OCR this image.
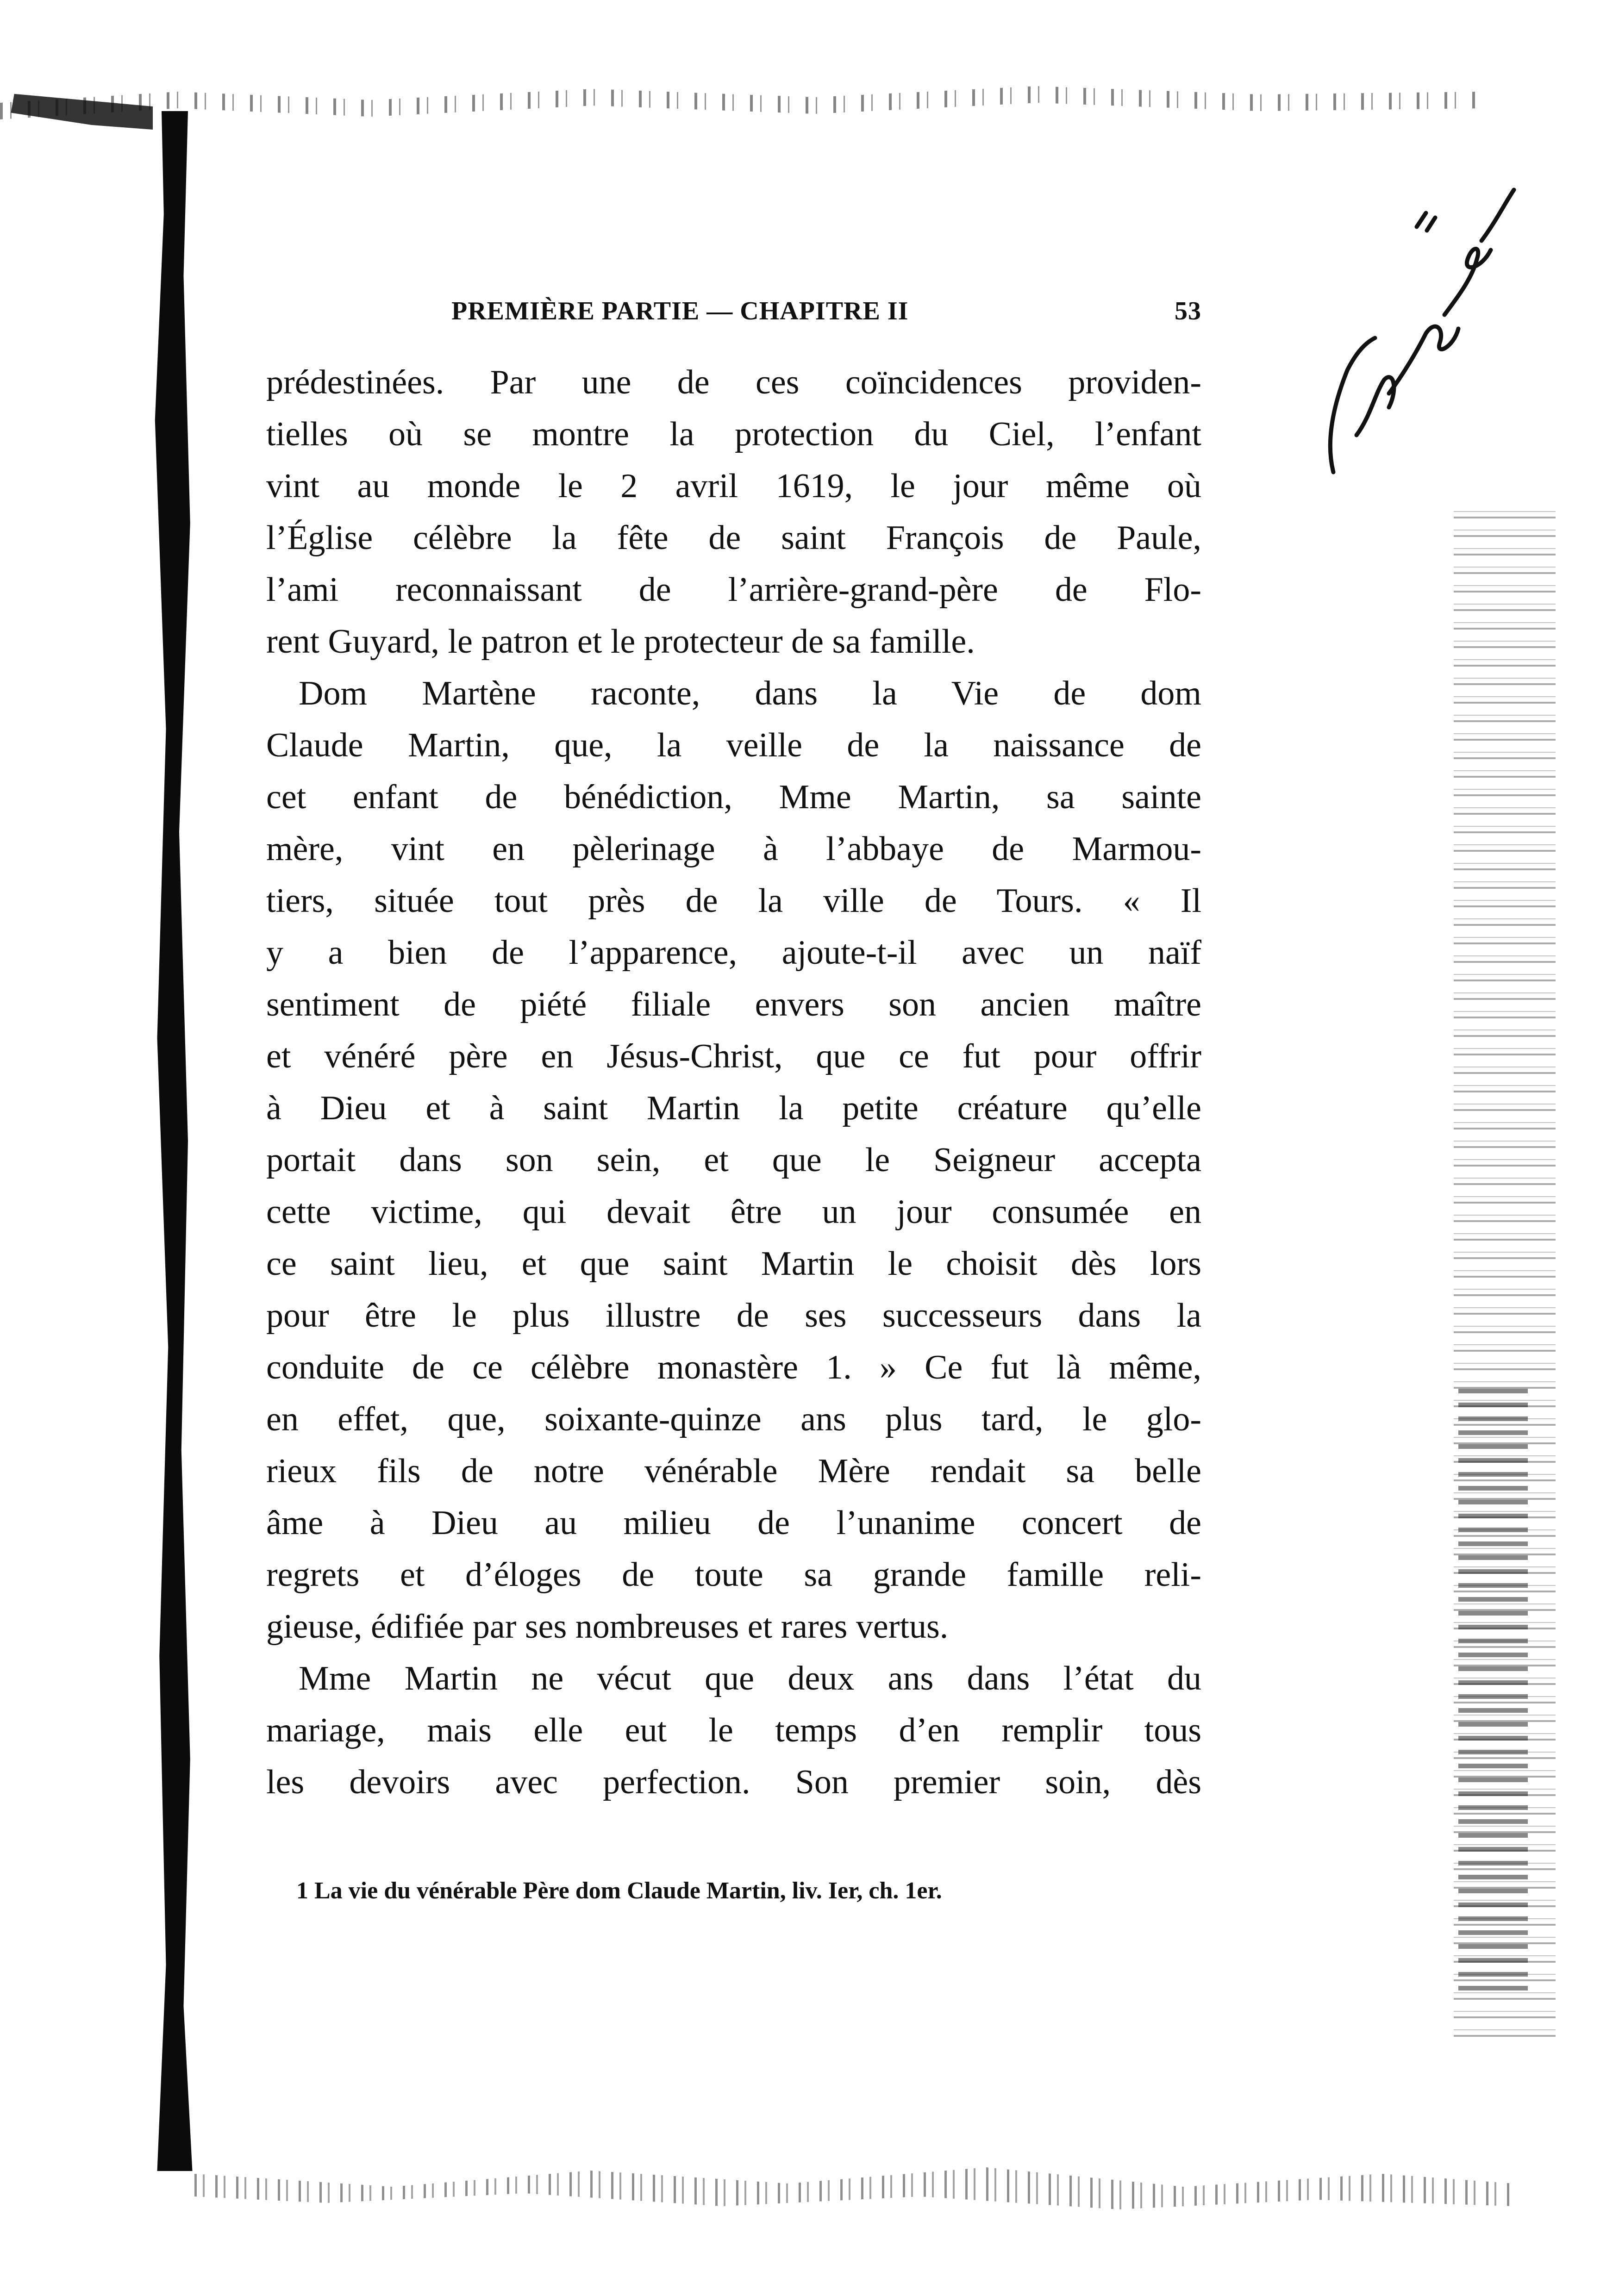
PREMIÈRE PARTIE — CHAPITRE II	53
prédestinées. Par une de ces coïncidences providen-
tielles où se montre la protection du Ciel, l’enfant
vint au monde le 2 avril 1619, le jour même où
l’Église célèbre la fête de saint François de Paule,
l’ami reconnaissant de l’arrière-grand-père de Flo-
rent Guyard, le patron et le protecteur de sa famille.
Dom Martène raconte, dans la Vie de dom
Claude Martin, que, la veille de la naissance de
cet enfant de bénédiction, Mme Martin, sa sainte
mère, vint en pèlerinage à l’abbaye de Marmou-
tiers, située tout près de la ville de Tours. « Il
y a bien de l’apparence, ajoute-t-il avec un naïf
sentiment de piété filiale envers son ancien maître
et vénéré père en Jésus-Christ, que ce fut pour offrir
à Dieu et à saint Martin la petite créature qu’elle
portait dans son sein, et que le Seigneur accepta
cette victime, qui devait être un jour consumée en
ce saint lieu, et que saint Martin le choisit dès lors
pour être le plus illustre de ses successeurs dans la
conduite de ce célèbre monastère 1. » Ce fut là même,
en effet, que, soixante-quinze ans plus tard, le glo-
rieux fils de notre vénérable Mère rendait sa belle
âme à Dieu au milieu de l’unanime concert de
regrets et d’éloges de toute sa grande famille reli-
gieuse, édifiée par ses nombreuses et rares vertus.
Mme Martin ne vécut que deux ans dans l’état du
mariage, mais elle eut le temps d’en remplir tous
les devoirs avec perfection. Son premier soin, dès
1 La vie du vénérable Père dom Claude Martin, liv. Ier, ch. 1er.
